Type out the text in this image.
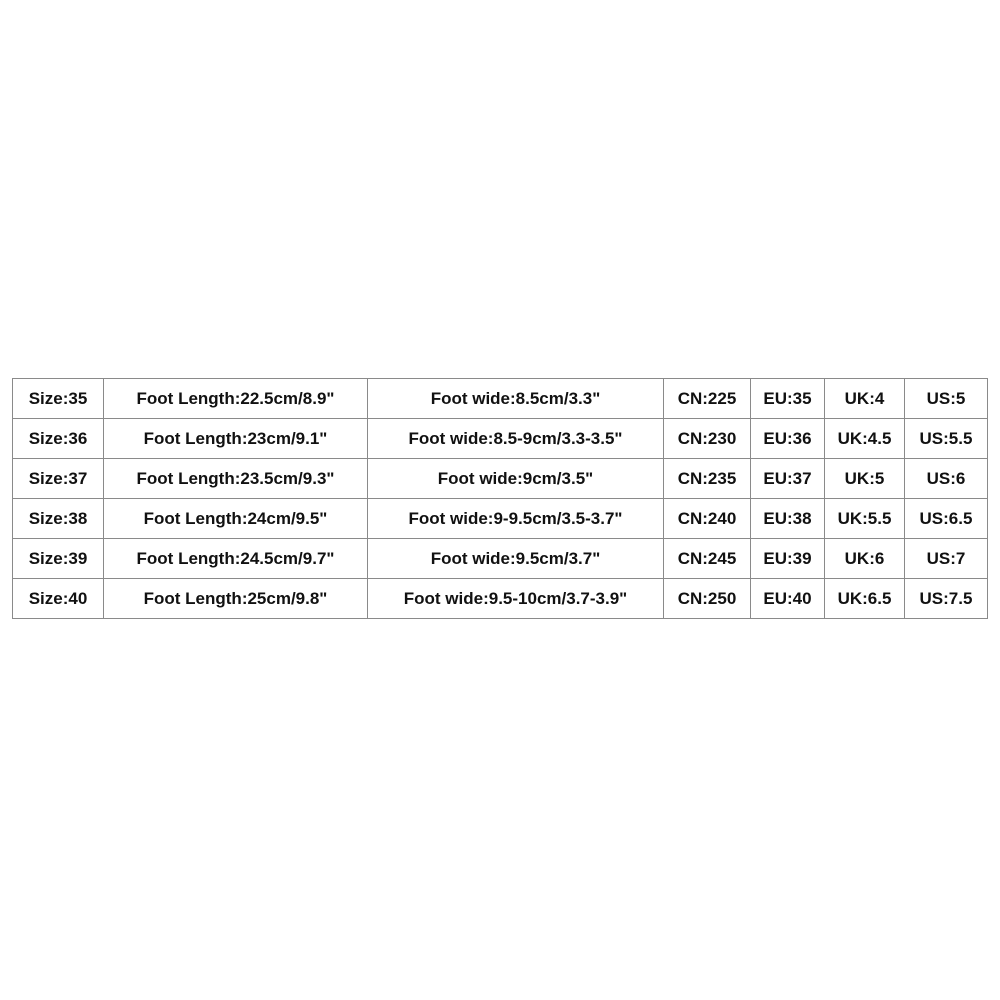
Size:35	Foot Length:22.5cm/8.9"	Foot wide:8.5cm/3.3"	CN:225	EU:35	UK:4	US:5
Size:36	Foot Length:23cm/9.1"	Foot wide:8.5-9cm/3.3-3.5"	CN:230	EU:36	UK:4.5	US:5.5
Size:37	Foot Length:23.5cm/9.3"	Foot wide:9cm/3.5"	CN:235	EU:37	UK:5	US:6
Size:38	Foot Length:24cm/9.5"	Foot wide:9-9.5cm/3.5-3.7"	CN:240	EU:38	UK:5.5	US:6.5
Size:39	Foot Length:24.5cm/9.7"	Foot wide:9.5cm/3.7"	CN:245	EU:39	UK:6	US:7
Size:40	Foot Length:25cm/9.8"	Foot wide:9.5-10cm/3.7-3.9"	CN:250	EU:40	UK:6.5	US:7.5
